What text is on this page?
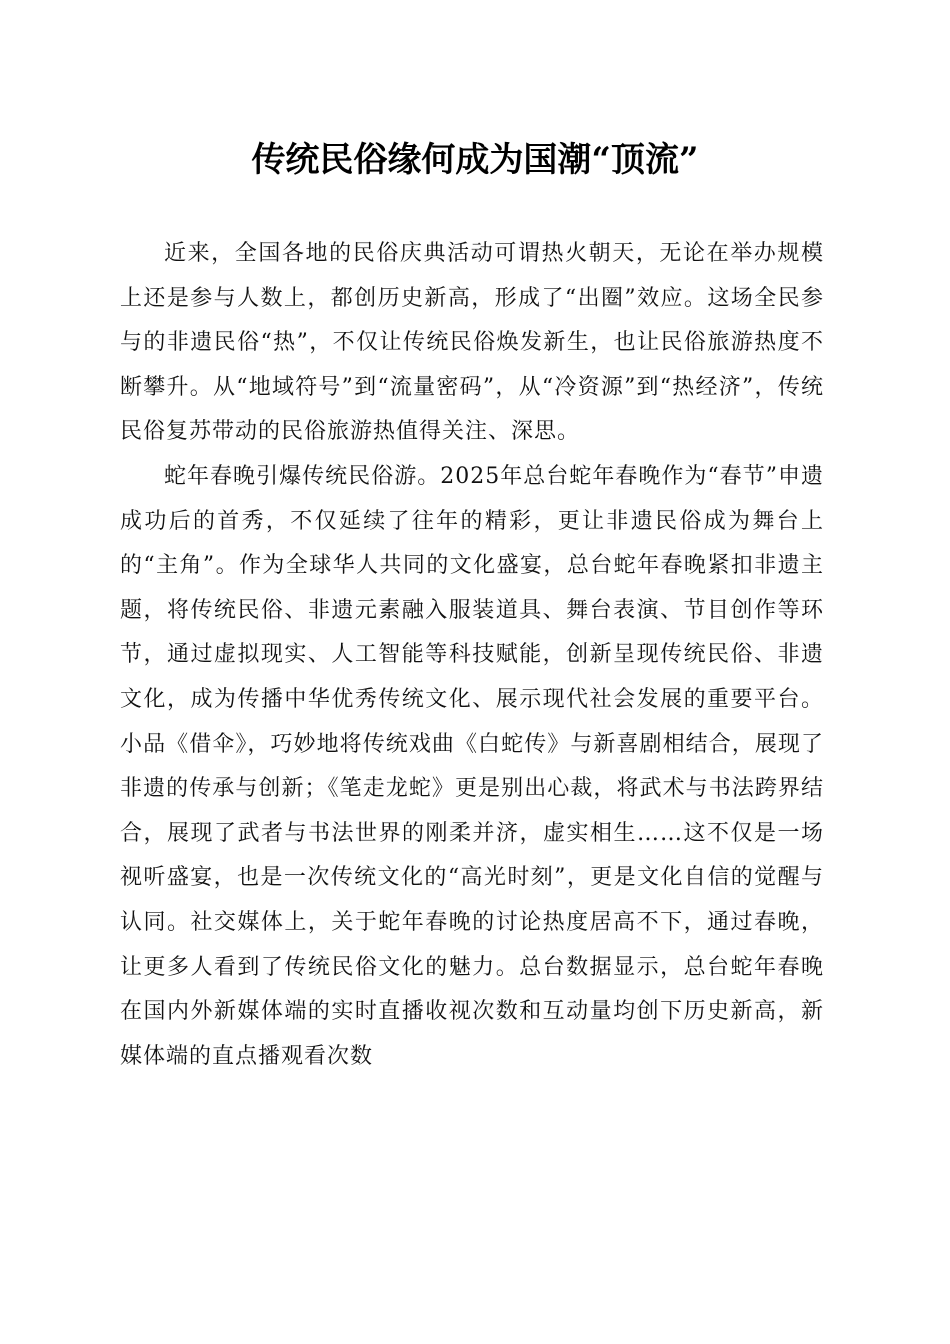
传统民俗缘何成为国潮“顶流”

近来，全国各地的民俗庆典活动可谓热火朝天，无论在举办规模上还是参与人数上，都创历史新高，形成了“出圈”效应。这场全民参与的非遗民俗“热”，不仅让传统民俗焕发新生，也让民俗旅游热度不断攀升。从“地域符号”到“流量密码”，从“冷资源”到“热经济”，传统民俗复苏带动的民俗旅游热值得关注、深思。

蛇年春晚引爆传统民俗游。2025年总台蛇年春晚作为“春节”申遗成功后的首秀，不仅延续了往年的精彩，更让非遗民俗成为舞台上的“主角”。作为全球华人共同的文化盛宴，总台蛇年春晚紧扣非遗主题，将传统民俗、非遗元素融入服装道具、舞台表演、节目创作等环节，通过虚拟现实、人工智能等科技赋能，创新呈现传统民俗、非遗文化，成为传播中华优秀传统文化、展示现代社会发展的重要平台。小品《借伞》，巧妙地将传统戏曲《白蛇传》与新喜剧相结合，展现了非遗的传承与创新；《笔走龙蛇》更是别出心裁，将武术与书法跨界结合，展现了武者与书法世界的刚柔并济，虚实相生……这不仅是一场视听盛宴，也是一次传统文化的“高光时刻”，更是文化自信的觉醒与认同。社交媒体上，关于蛇年春晚的讨论热度居高不下，通过春晚，让更多人看到了传统民俗文化的魅力。总台数据显示，总台蛇年春晚在国内外新媒体端的实时直播收视次数和互动量均创下历史新高，新媒体端的直点播观看次数
